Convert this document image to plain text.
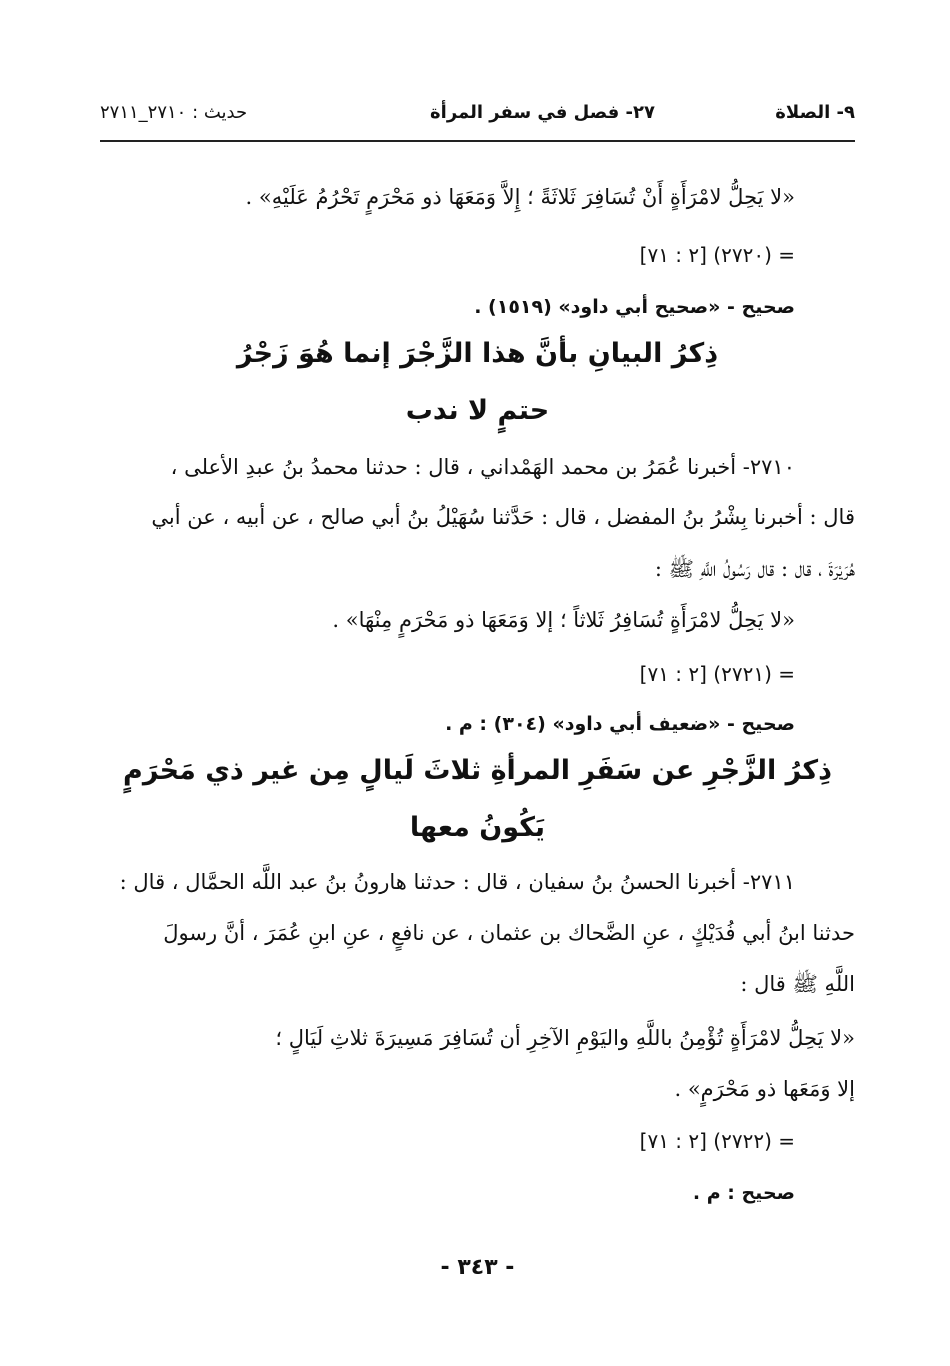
٩- الصلاة
٢٧- فصل في سفر المرأة
حديث : ٢٧١٠_٢٧١١
«لا يَحِلُّ لامْرَأَةٍ أَنْ تُسَافِرَ ثَلاثَةً ؛ إِلاَّ وَمَعَهَا ذو مَحْرَمٍ تَحْرُمُ عَلَيْهِ» .
= (٢٧٢٠) [٢ : ٧١]
صحيح - «صحيح أبي داود» (١٥١٩) .
ذِكرُ البيانِ بأنَّ هذا الزَّجْرَ إنما هُوَ زَجْرُ
حتمٍ لا ندب
٢٧١٠- أخبرنا عُمَرُ بن محمد الهَمْداني ، قال : حدثنا محمدُ بنُ عبدِ الأعلى ،
قال : أخبرنا بِشْرُ بنُ المفضل ، قال : حَدَّثنا سُهَيْلُ بنُ أبي صالح ، عن أبيه ، عن أبي
هُرَيْرَةَ ، قال : قال رَسُولُ اللَّهِ ﷺ :
«لا يَحِلُّ لامْرَأَةٍ تُسَافِرُ ثَلاثاً ؛ إلا وَمَعَهَا ذو مَحْرَمٍ مِنْهَا» .
= (٢٧٢١) [٢ : ٧١]
صحيح - «ضعيف أبي داود» (٣٠٤) : م .
ذِكرُ الزَّجْرِ عن سَفَرِ المرأةِ ثلاثَ لَيالٍ مِن غير ذي مَحْرَمٍ
يَكُونُ معها
٢٧١١- أخبرنا الحسنُ بنُ سفيان ، قال : حدثنا هارونُ بنُ عبد اللَّه الحمَّال ، قال :
حدثنا ابنُ أبي فُدَيْكٍ ، عنِ الضَّحاك بن عثمان ، عن نافعٍ ، عنِ ابنِ عُمَرَ ، أنَّ رسولَ
اللَّهِ ﷺ قال :
«لا يَحِلُّ لامْرَأَةٍ تُؤْمِنُ باللَّهِ واليَوْمِ الآخِرِ أن تُسَافِرَ مَسِيرَةَ ثلاثِ لَيَالٍ ؛
إلا وَمَعَها ذو مَحْرَمٍ» .
= (٢٧٢٢) [٢ : ٧١]
صحيح : م .
- ٣٤٣ -
